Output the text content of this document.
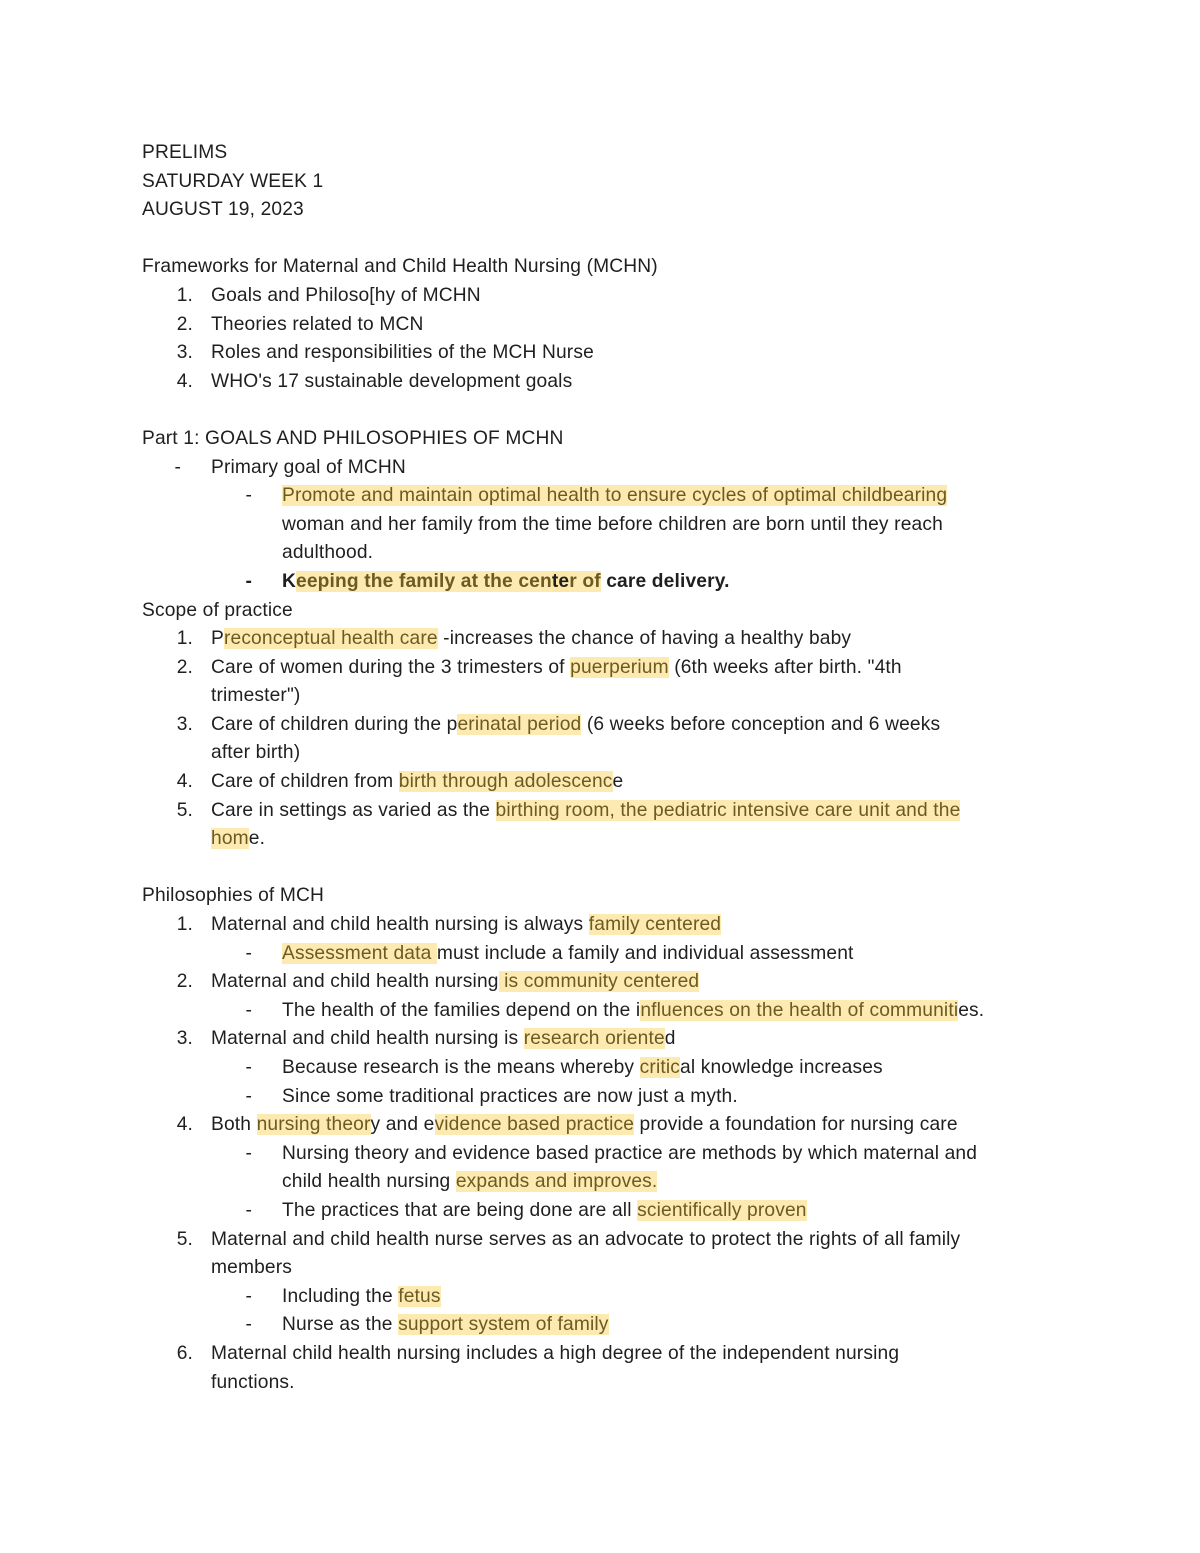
PRELIMS
SATURDAY WEEK 1
AUGUST 19, 2023
Frameworks for Maternal and Child Health Nursing (MCHN)
1. Goals and Philoso[hy of MCHN
2. Theories related to MCN
3. Roles and responsibilities of the MCH Nurse
4. WHO's 17 sustainable development goals
Part 1: GOALS AND PHILOSOPHIES OF MCHN
- Primary goal of MCHN
- Promote and maintain optimal health to ensure cycles of optimal childbearing
woman and her family from the time before children are born until they reach
adulthood.
- Keeping the family at the center of care delivery.
Scope of practice
1. Preconceptual health care -increases the chance of having a healthy baby
2. Care of women during the 3 trimesters of puerperium (6th weeks after birth. "4th
trimester")
3. Care of children during the perinatal period (6 weeks before conception and 6 weeks
after birth)
4. Care of children from birth through adolescence
5. Care in settings as varied as the birthing room, the pediatric intensive care unit and the
home.
Philosophies of MCH
1. Maternal and child health nursing is always family centered
- Assessment data must include a family and individual assessment
2. Maternal and child health nursing is community centered
- The health of the families depend on the influences on the health of communities.
3. Maternal and child health nursing is research oriented
- Because research is the means whereby critical knowledge increases
- Since some traditional practices are now just a myth.
4. Both nursing theory and evidence based practice provide a foundation for nursing care
- Nursing theory and evidence based practice are methods by which maternal and
child health nursing expands and improves.
- The practices that are being done are all scientifically proven
5. Maternal and child health nurse serves as an advocate to protect the rights of all family
members
- Including the fetus
- Nurse as the support system of family
6. Maternal child health nursing includes a high degree of the independent nursing
functions.
